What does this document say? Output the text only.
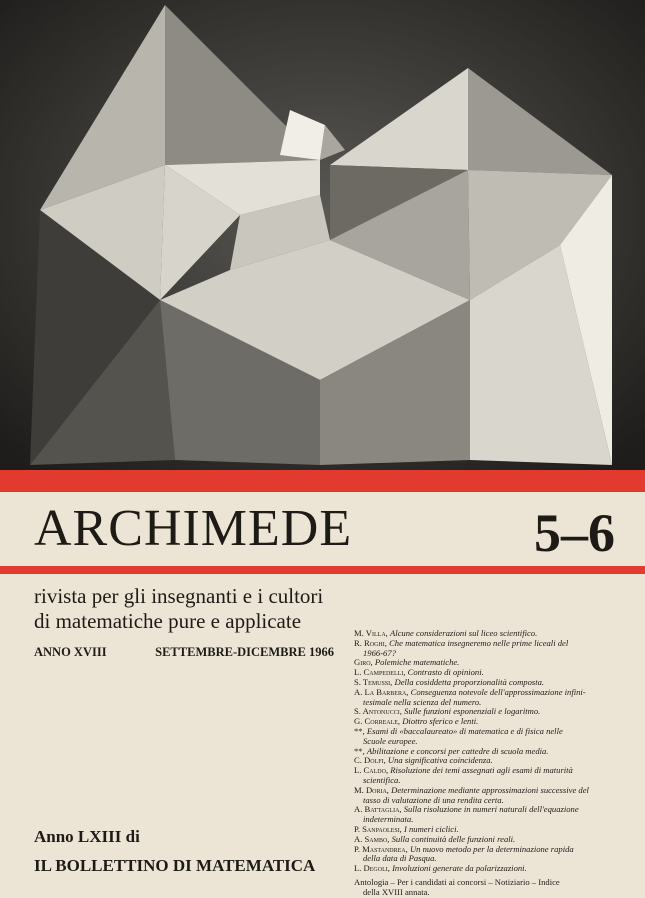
ARCHIMEDE	5–6
rivista per gli insegnanti e i cultori
di matematiche pure e applicate
ANNO XVIII	SETTEMBRE-DICEMBRE 1966
Anno LXIII di
IL BOLLETTINO DI MATEMATICA
M. Villa, Alcune considerazioni sul liceo scientifico.
R. Roghi, Che matematica insegneremo nelle prime liceali del
1966-67?
Giro, Polemiche matematiche.
L. Campedelli, Contrasto di opinioni.
S. Temussi, Della cosiddetta proporzionalità composta.
A. La Barbera, Conseguenza notevole dell'approssimazione infini-
tesimale nella scienza del numero.
S. Antonucci, Sulle funzioni esponenziali e logaritmo.
G. Correale, Diottro sferico e lenti.
**, Esami di «baccalaureato» di matematica e di fisica nelle
Scuole europee.
**, Abilitazione e concorsi per cattedre di scuola media.
C. Dolfi, Una significativa coincidenza.
L. Caldo, Risoluzione dei temi assegnati agli esami di maturità
scientifica.
M. Doria, Determinazione mediante approssimazioni successive del
tasso di valutazione di una rendita certa.
A. Battaglia, Sulla risoluzione in numeri naturali dell'equazione
indeterminata.
P. Sanpaolesi, I numeri ciclici.
A. Sambo, Sulla continuità delle funzioni reali.
P. Mastandrea, Un nuovo metodo per la determinazione rapida
della data di Pasqua.
L. Degoli, Involuzioni generate da polarizzazioni.
Antologia – Per i candidati ai concorsi – Notiziario – Indice
della XVIII annata.
